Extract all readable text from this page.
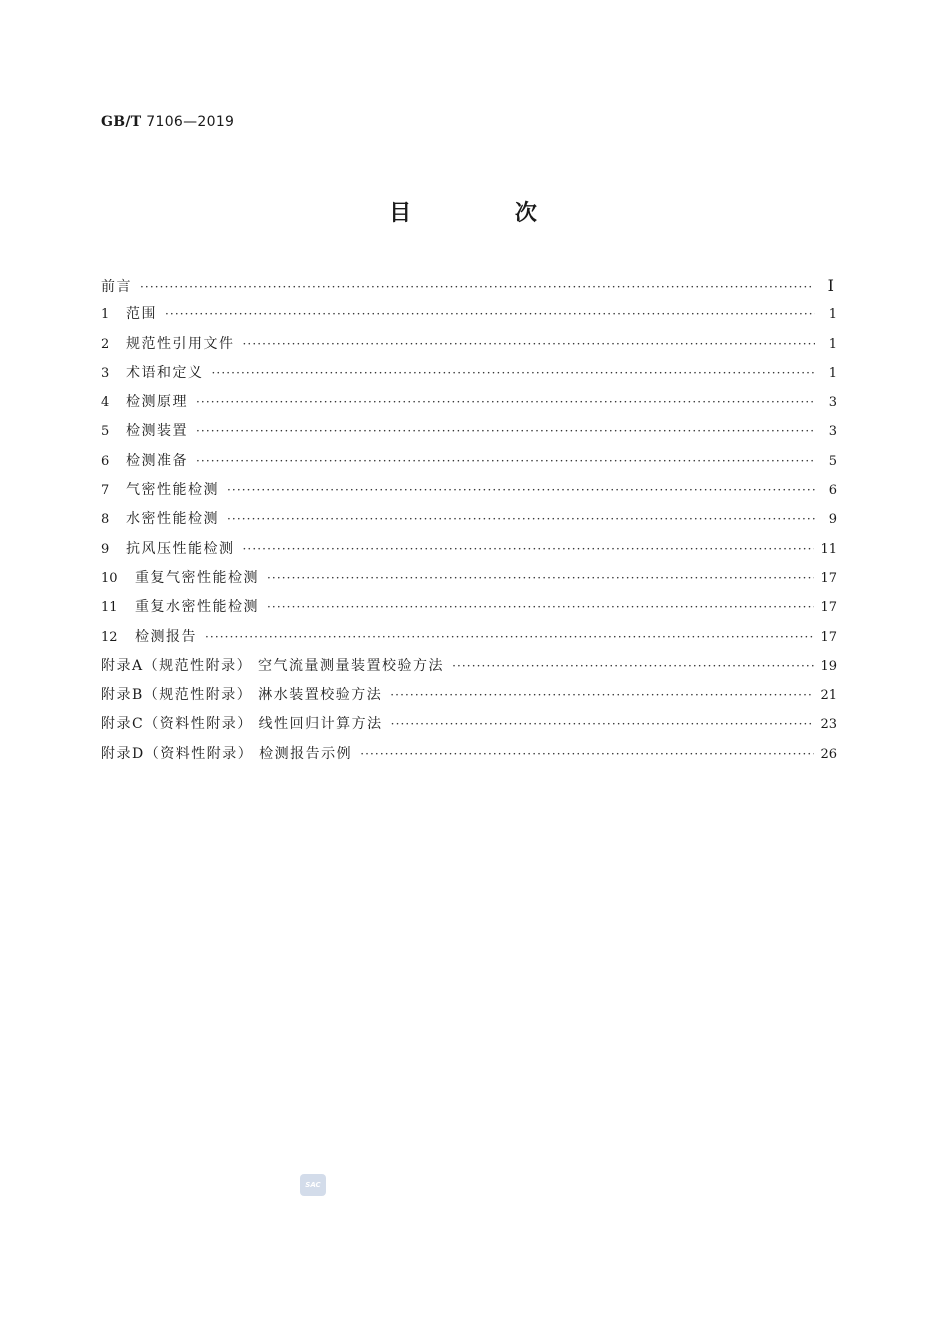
GB/T 7106—2019
目 次
前言 ·····	I
1	范围 ·····	1
2	规范性引用文件 ·····	1
3	术语和定义 ·····	1
4	检测原理 ·····	3
5	检测装置 ·····	3
6	检测准备 ·····	5
7	气密性能检测 ·····	6
8	水密性能检测 ·····	9
9	抗风压性能检测 ·····	11
10	重复气密性能检测 ·····	17
11	重复水密性能检测 ·····	17
12	检测报告 ·····	17
附录A（规范性附录） 空气流量测量装置校验方法 ·····	19
附录B（规范性附录） 淋水装置校验方法 ·····	21
附录C（资料性附录） 线性回归计算方法 ·····	23
附录D（资料性附录） 检测报告示例 ·····	26
SAC
